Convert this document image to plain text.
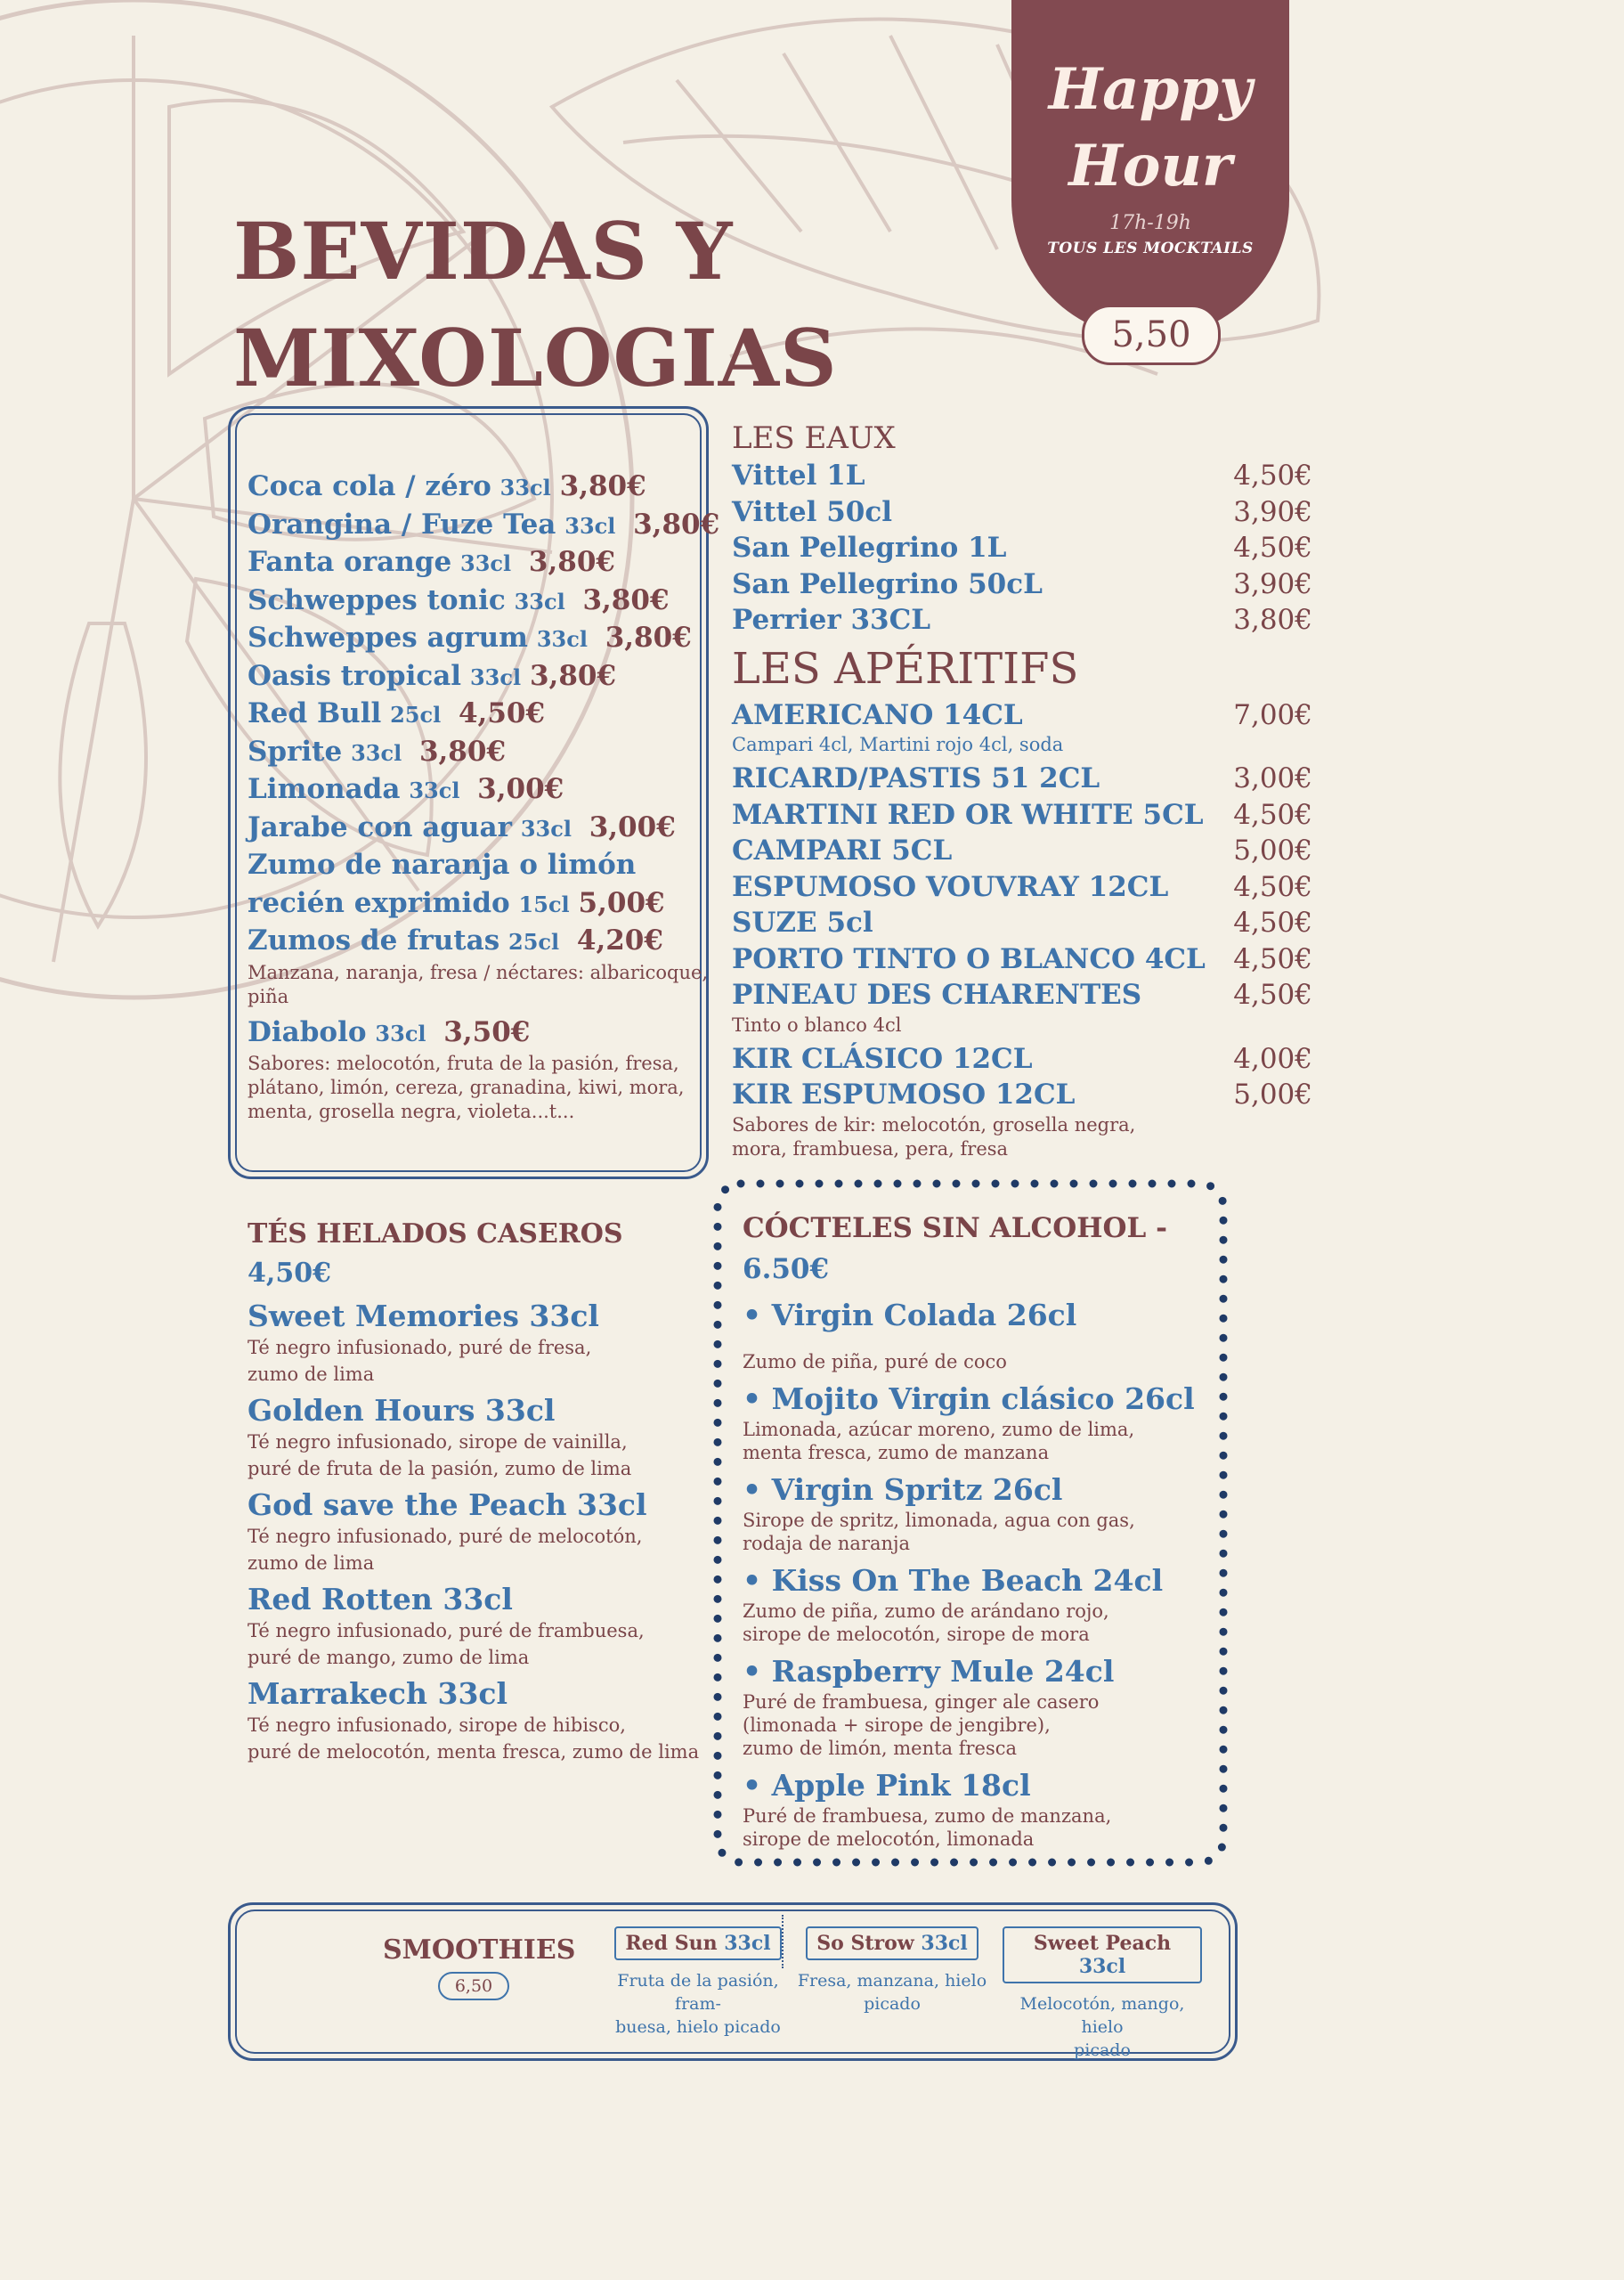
BEVIDAS Y
MIXOLOGIAS
Happy
Hour
17h-19h
TOUS LES MOCKTAILS
5,50
Coca cola / zéro 33cl 3,80€
Orangina / Fuze Tea 33cl 3,80€
Fanta orange 33cl 3,80€
Schweppes tonic 33cl 3,80€
Schweppes agrum 33cl 3,80€
Oasis tropical 33cl 3,80€
Red Bull 25cl 4,50€
Sprite 33cl 3,80€
Limonada 33cl 3,00€
Jarabe con aguar 33cl 3,00€
Zumo de naranja o limón
recién exprimido 15cl 5,00€
Zumos de frutas 25cl 4,20€
Manzana, naranja, fresa / néctares: albaricoque, piña
Diabolo 33cl 3,50€
Sabores: melocotón, fruta de la pasión, fresa, plátano, limón, cereza, granadina, kiwi, mora, menta, grosella negra, violeta...t...
LES EAUX
Vittel 1L	4,50€
Vittel 50cl	3,90€
San Pellegrino 1L	4,50€
San Pellegrino 50cL	3,90€
Perrier 33CL	3,80€
LES APÉRITIFS
AMERICANO 14CL	7,00€
Campari 4cl, Martini rojo 4cl, soda
RICARD/PASTIS 51 2CL	3,00€
MARTINI RED OR WHITE 5CL 4,50€
CAMPARI 5CL	5,00€
ESPUMOSO VOUVRAY 12CL 4,50€
SUZE 5cl	4,50€
PORTO TINTO O BLANCO 4CL 4,50€
PINEAU DES CHARENTES	4,50€
Tinto o blanco 4cl
KIR CLÁSICO 12CL	4,00€
KIR ESPUMOSO 12CL	5,00€
Sabores de kir: melocotón, grosella negra, mora, frambuesa, pera, fresa
TÉS HELADOS CASEROS 4,50€
Sweet Memories 33cl
Té negro infusionado, puré de fresa,
zumo de lima
Golden Hours 33cl
Té negro infusionado, sirope de vainilla,
puré de fruta de la pasión, zumo de lima
God save the Peach 33cl
Té negro infusionado, puré de melocotón,
zumo de lima
Red Rotten 33cl
Té negro infusionado, puré de frambuesa,
puré de mango, zumo de lima
Marrakech 33cl
Té negro infusionado, sirope de hibisco,
puré de melocotón, menta fresca, zumo de lima
CÓCTELES SIN ALCOHOL -  6.50€
• Virgin Colada 26cl
Zumo de piña, puré de coco
• Mojito Virgin clásico 26cl
Limonada, azúcar moreno, zumo de lima,
menta fresca, zumo de manzana
• Virgin Spritz 26cl
Sirope de spritz, limonada, agua con gas,
rodaja de naranja
• Kiss On The Beach 24cl
Zumo de piña, zumo de arándano rojo,
sirope de melocotón, sirope de mora
• Raspberry Mule 24cl
Puré de frambuesa, ginger ale casero
(limonada + sirope de jengibre),
zumo de limón, menta fresca
• Apple Pink 18cl
Puré de frambuesa, zumo de manzana,
sirope de melocotón, limonada
SMOOTHIES
6,50
Red Sun 33cl
Fruta de la pasión, fram-
buesa, hielo picado
So Strow 33cl
Fresa, manzana, hielo
picado
Sweet Peach 33cl
Melocotón, mango, hielo
picado
